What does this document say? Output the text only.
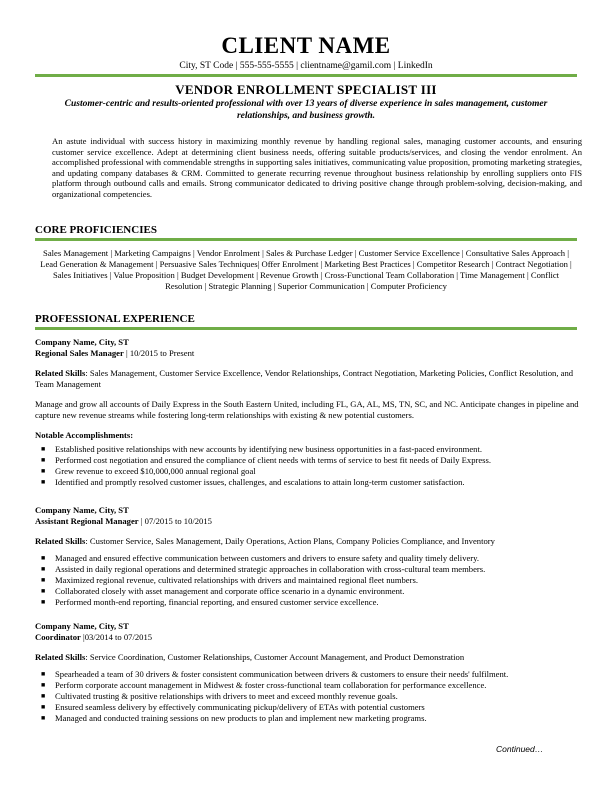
CLIENT NAME
City, ST Code | 555-555-5555 | clientname@gamil.com | LinkedIn
VENDOR ENROLLMENT SPECIALIST III
Customer-centric and results-oriented professional with over 13 years of diverse experience in sales management, customer relationships, and business growth.
An astute individual with success history in maximizing monthly revenue by handling regional sales, managing customer accounts, and ensuring customer service excellence. Adept at determining client business needs, offering suitable products/services, and closing the vendor enrolment. An accomplished professional with commendable strengths in supporting sales initiatives, communicating value proposition, promoting marketing strategies, and updating company databases & CRM. Committed to generate recurring revenue throughout business relationship by enrolling suppliers onto FIS platform through outbound calls and emails. Strong communicator dedicated to driving positive change through problem-solving, decision-making, and organizational competencies.
CORE PROFICIENCIES
Sales Management | Marketing Campaigns | Vendor Enrolment | Sales & Purchase Ledger | Customer Service Excellence | Consultative Sales Approach | Lead Generation & Management | Persuasive Sales Techniques| Offer Enrolment | Marketing Best Practices | Competitor Research | Contract Negotiation | Sales Initiatives | Value Proposition | Budget Development | Revenue Growth | Cross-Functional Team Collaboration | Time Management | Conflict Resolution | Strategic Planning | Superior Communication | Computer Proficiency
PROFESSIONAL EXPERIENCE
Company Name, City, ST
Regional Sales Manager | 10/2015 to Present
Related Skills: Sales Management, Customer Service Excellence, Vendor Relationships, Contract Negotiation, Marketing Policies, Conflict Resolution, and Team Management
Manage and grow all accounts of Daily Express in the South Eastern United, including FL, GA, AL, MS, TN, SC, and NC. Anticipate changes in pipeline and capture new revenue streams while fostering long-term relationships with existing & new potential customers.
Notable Accomplishments:
■ Established positive relationships with new accounts by identifying new business opportunities in a fast-paced environment.
■ Performed cost negotiation and ensured the compliance of client needs with terms of service to best fit needs of Daily Express.
■ Grew revenue to exceed $10,000,000 annual regional goal
■ Identified and promptly resolved customer issues, challenges, and escalations to attain long-term customer satisfaction.
Company Name, City, ST
Assistant Regional Manager | 07/2015 to 10/2015
Related Skills: Customer Service, Sales Management, Daily Operations, Action Plans, Company Policies Compliance, and Inventory
■ Managed and ensured effective communication between customers and drivers to ensure safety and quality timely delivery.
■ Assisted in daily regional operations and determined strategic approaches in collaboration with cross-cultural team members.
■ Maximized regional revenue, cultivated relationships with drivers and maintained regional fleet numbers.
■ Collaborated closely with asset management and corporate office scenario in a dynamic environment.
■ Performed month-end reporting, financial reporting, and ensured customer service excellence.
Company Name, City, ST
Coordinator |03/2014 to 07/2015
Related Skills: Service Coordination, Customer Relationships, Customer Account Management, and Product Demonstration
■ Spearheaded a team of 30 drivers & foster consistent communication between drivers & customers to ensure their needs' fulfilment.
■ Perform corporate account management in Midwest & foster cross-functional team collaboration for performance excellence.
■ Cultivated trusting & positive relationships with drivers to meet and exceed monthly revenue goals.
■ Ensured seamless delivery by effectively communicating pickup/delivery of ETAs with potential customers
■ Managed and conducted training sessions on new products to plan and implement new marketing programs.
Continued…
